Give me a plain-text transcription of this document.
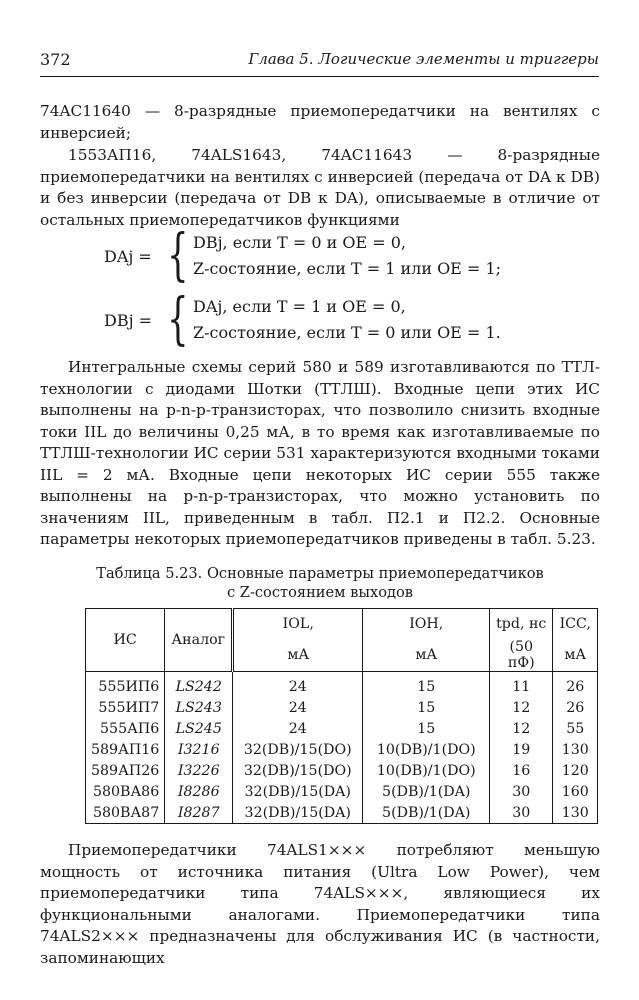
372	Глава 5. Логические элементы и триггеры
74AC11640 — 8-разрядные приемопередатчики на вентилях с инверсией;
1553АП16, 74ALS1643, 74AC11643 — 8-разрядные приемопередатчики на вентилях с инверсией (передача от DA к DB) и без инверсии (передача от DB к DA), описываемые в отличие от остальных приемопередатчиков функциями
DAj = { DBj, если T = 0 и OE = 0,
Z-состояние, если T = 1 или OE = 1;
DBj = { DAj, если T = 1 и OE = 0,
Z-состояние, если T = 0 или OE = 1.
Интегральные схемы серий 580 и 589 изготавливаются по ТТЛ-технологии с диодами Шотки (ТТЛШ). Входные цепи этих ИС выполнены на p-n-p-транзисторах, что позволило снизить входные токи IIL до величины 0,25 мА, в то время как изготавливаемые по ТТЛШ-технологии ИС серии 531 характеризуются входными токами IIL = 2 мА. Входные цепи некоторых ИС серии 555 также выполнены на p-n-p-транзисторах, что можно установить по значениям IIL, приведенным в табл. П2.1 и П2.2. Основные параметры некоторых приемопередатчиков приведены в табл. 5.23.
Таблица 5.23. Основные параметры приемопередатчиков
с Z-состоянием выходов
ИС	Аналог	IOL,	IOH,	tpd, нс	ICC,
		мА	мА	(50 пФ)	мА
555ИП6	LS242	24	15	11	26
555ИП7	LS243	24	15	12	26
555АП6	LS245	24	15	12	55
589АП16	I3216	32(DB)/15(DO)	10(DB)/1(DO)	19	130
589АП26	I3226	32(DB)/15(DO)	10(DB)/1(DO)	16	120
580ВА86	I8286	32(DB)/15(DA)	5(DB)/1(DA)	30	160
580ВА87	I8287	32(DB)/15(DA)	5(DB)/1(DA)	30	130
Приемопередатчики 74ALS1××× потребляют меньшую мощность от источника питания (Ultra Low Power), чем приемопередатчики типа 74ALS×××, являющиеся их функциональными аналогами. Приемопередатчики типа 74ALS2××× предназначены для обслуживания ИС (в частности, запоминающих
